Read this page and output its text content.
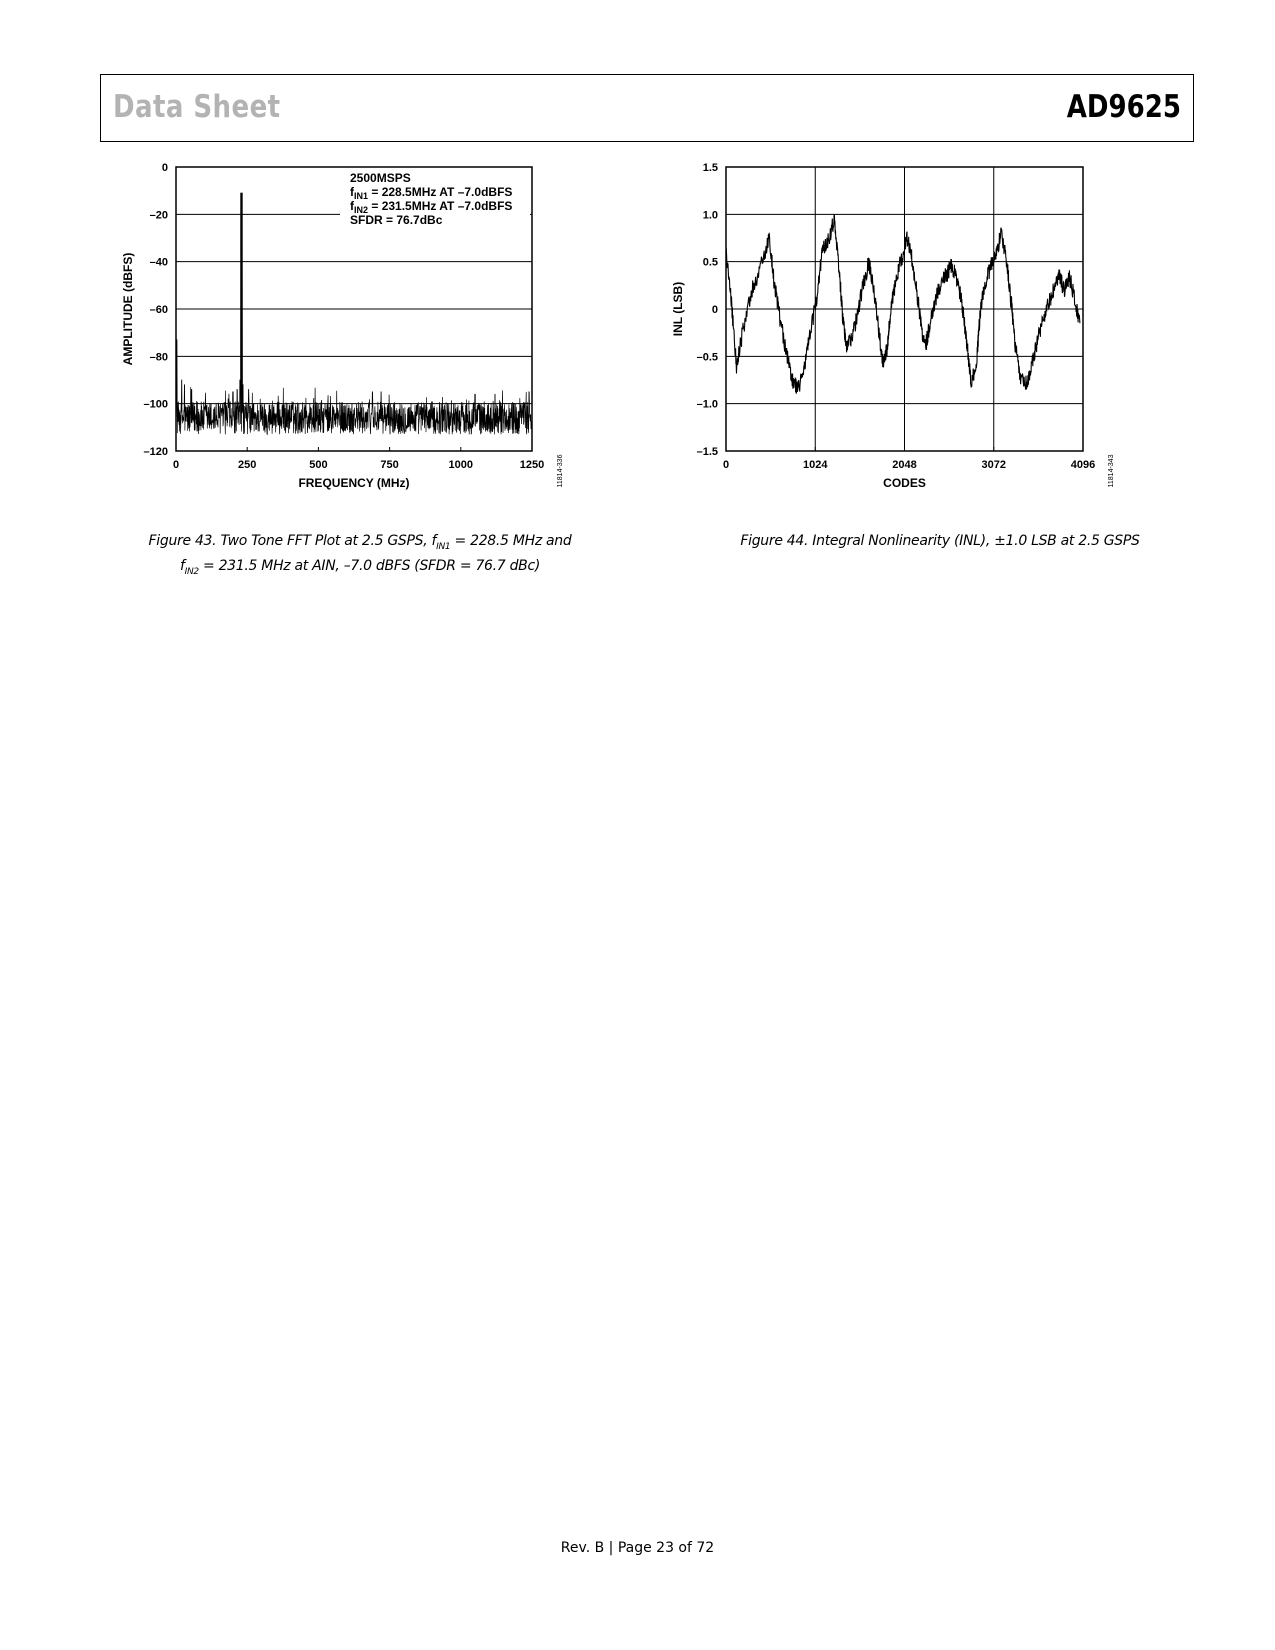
Data Sheet	AD9625
0
–20
–40
–60
–80
–100
–120
0	250	500	750	1000	1250
2500MSPS
$f_{IN1} = 228.5MHz$ AT –7.0dBFS
$f_{IN2} = 231.5MHz$ AT –7.0dBFS
SFDR = 76.7dBc
FREQUENCY (MHz)
AMPLITUDE (dBFS)
11814-336
1.5
1.0
0.5
0
–0.5
–1.0
–1.5
0	1024	2048	3072	4096
CODES
INL (LSB)
11814-343
Figure 43. Two Tone FFT Plot at 2.5 GSPS, $f_{IN1} = 228.5$ MHz and
$f_{IN2} = 231.5$ MHz at AIN, –7.0 dBFS (SFDR = 76.7 dBc)
Figure 44. Integral Nonlinearity (INL), ±1.0 LSB at 2.5 GSPS
Rev. B | Page 23 of 72
